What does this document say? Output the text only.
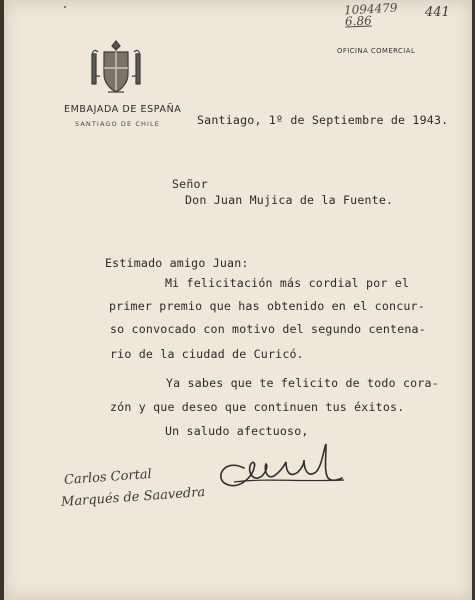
1094479
6.86
441
EMBAJADA DE ESPAÑA
SANTIAGO DE CHILE
OFICINA COMERCIAL
Santiago, 1º de Septiembre de 1943.
Señor
Don Juan Mujica de la Fuente.
Estimado amigo Juan:
Mi felicitación más cordial por el
primer premio que has obtenido en el concur-
so convocado con motivo del segundo centena-
rio de la ciudad de Curicó.
Ya sabes que te felicito de todo cora-
zón y que deseo que continuen tus éxitos.
Un saludo afectuoso,
Carlos Cortal
Marqués de Saavedra
